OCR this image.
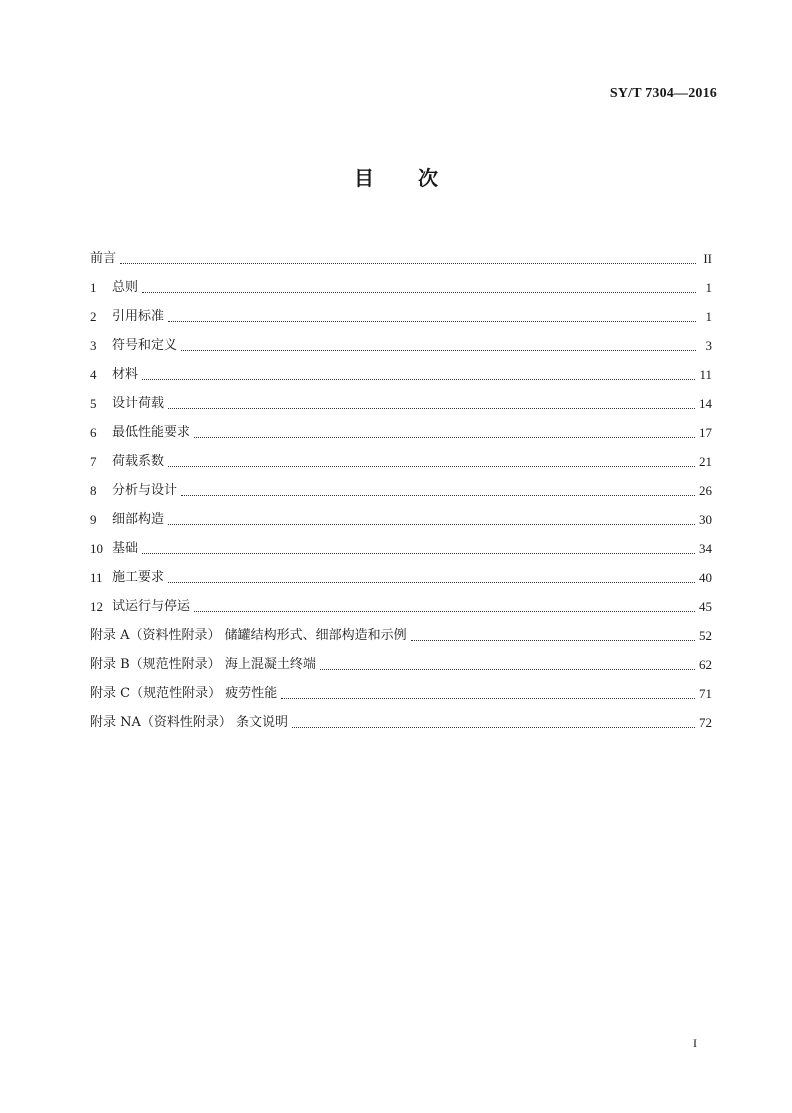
SY/T 7304—2016
目 次
前言	II
1	总则	1
2	引用标准	1
3	符号和定义	3
4	材料	11
5	设计荷载	14
6	最低性能要求	17
7	荷载系数	21
8	分析与设计	26
9	细部构造	30
10 基础	34
11 施工要求	40
12 试运行与停运	45
附录 A（资料性附录） 储罐结构形式、细部构造和示例	52
附录 B（规范性附录） 海上混凝土终端	62
附录 C（规范性附录） 疲劳性能	71
附录 NA（资料性附录） 条文说明	72
I
